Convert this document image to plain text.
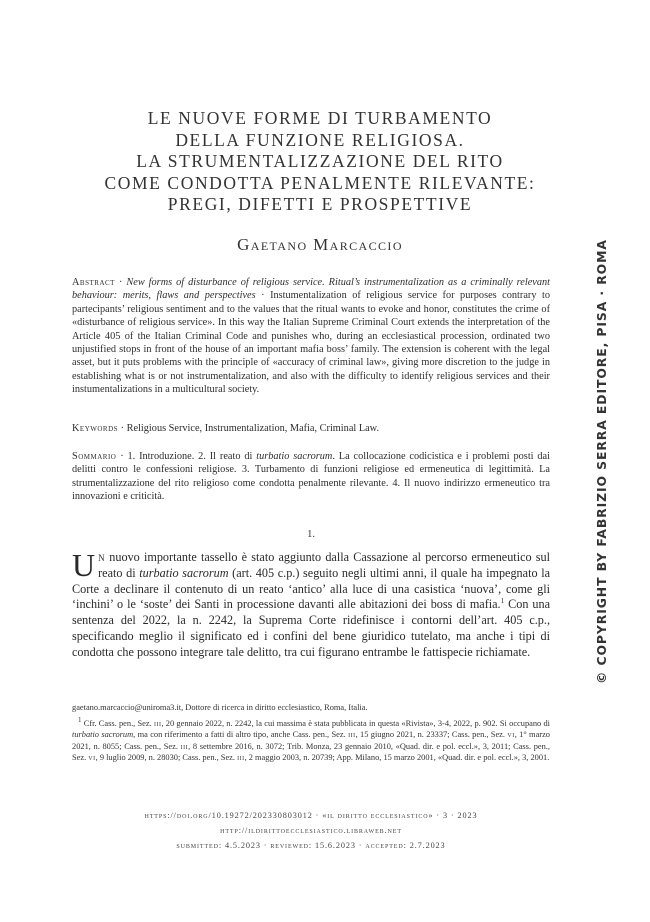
LE NUOVE FORME DI TURBAMENTO
DELLA FUNZIONE RELIGIOSA.
LA STRUMENTALIZZAZIONE DEL RITO
COME CONDOTTA PENALMENTE RILEVANTE:
PREGI, DIFETTI E PROSPETTIVE
Gaetano Marcaccio
Abstract · New forms of disturbance of religious service. Ritual’s instrumentalization as a criminally relevant behaviour: merits, flaws and perspectives · Instumentalization of religious service for purposes contrary to partecipants’ religious sentiment and to the values that the ritual wants to evoke and honor, constitutes the crime of «disturbance of religious service». In this way the Italian Supreme Criminal Court extends the interpretation of the Article 405 of the Italian Criminal Code and punishes who, during an ecclesiastical procession, ordinated two unjustified stops in front of the house of an important mafia boss’ family. The extension is coherent with the legal asset, but it puts problems with the principle of «accuracy of criminal law», giving more discretion to the judge in establishing what is or not instrumentalization, and also with the difficulty to identify religious services and their instumentalizations in a multicultural society.
Keywords · Religious Service, Instrumentalization, Mafia, Criminal Law.
Sommario · 1. Introduzione. 2. Il reato di turbatio sacrorum. La collocazione codicistica e i problemi posti dai delitti contro le confessioni religiose. 3. Turbamento di funzioni religiose ed ermeneutica di legittimità. La strumentalizzazione del rito religioso come condotta penalmente rilevante. 4. Il nuovo indirizzo ermeneutico tra innovazioni e criticità.
1.
Un nuovo importante tassello è stato aggiunto dalla Cassazione al percorso ermeneutico sul reato di turbatio sacrorum (art. 405 c.p.) seguito negli ultimi anni, il quale ha impegnato la Corte a declinare il contenuto di un reato ‘antico’ alla luce di una casistica ‘nuova’, come gli ‘inchini’ o le ‘soste’ dei Santi in processione davanti alle abitazioni dei boss di mafia.$^1$ Con una sentenza del 2022, la n. 2242, la Suprema Corte ridefinisce i contorni dell’art. 405 c.p., specificando meglio il significato ed i confini del bene giuridico tutelato, ma anche i tipi di condotta che possono integrare tale delitto, tra cui figurano entrambe le fattispecie richiamate.
gaetano.marcaccio@uniroma3.it, Dottore di ricerca in diritto ecclesiastico, Roma, Italia.
$^1$ Cfr. Cass. pen., Sez. iii, 20 gennaio 2022, n. 2242, la cui massima è stata pubblicata in questa «Rivista», 3-4, 2022, p. 902. Si occupano di turbatio sacrorum, ma con riferimento a fatti di altro tipo, anche Cass. pen., Sez. iii, 15 giugno 2021, n. 23337; Cass. pen., Sez. vi, 1° marzo 2021, n. 8055; Cass. pen., Sez. iii, 8 settembre 2016, n. 3072; Trib. Monza, 23 gennaio 2010, «Quad. dir. e pol. eccl.», 3, 2011; Cass. pen., Sez. vi, 9 luglio 2009, n. 28030; Cass. pen., Sez. iii, 2 maggio 2003, n. 20739; App. Milano, 15 marzo 2001, «Quad. dir. e pol. eccl.», 3, 2001.
https://doi.org/10.19272/202330803012 · «il diritto ecclesiastico» · 3 · 2023
http://ildirittoecclesiastico.libraweb.net
submitted: 4.5.2023 · reviewed: 15.6.2023 · accepted: 2.7.2023
© COPYRIGHT BY FABRIZIO SERRA EDITORE, PISA · ROMA
